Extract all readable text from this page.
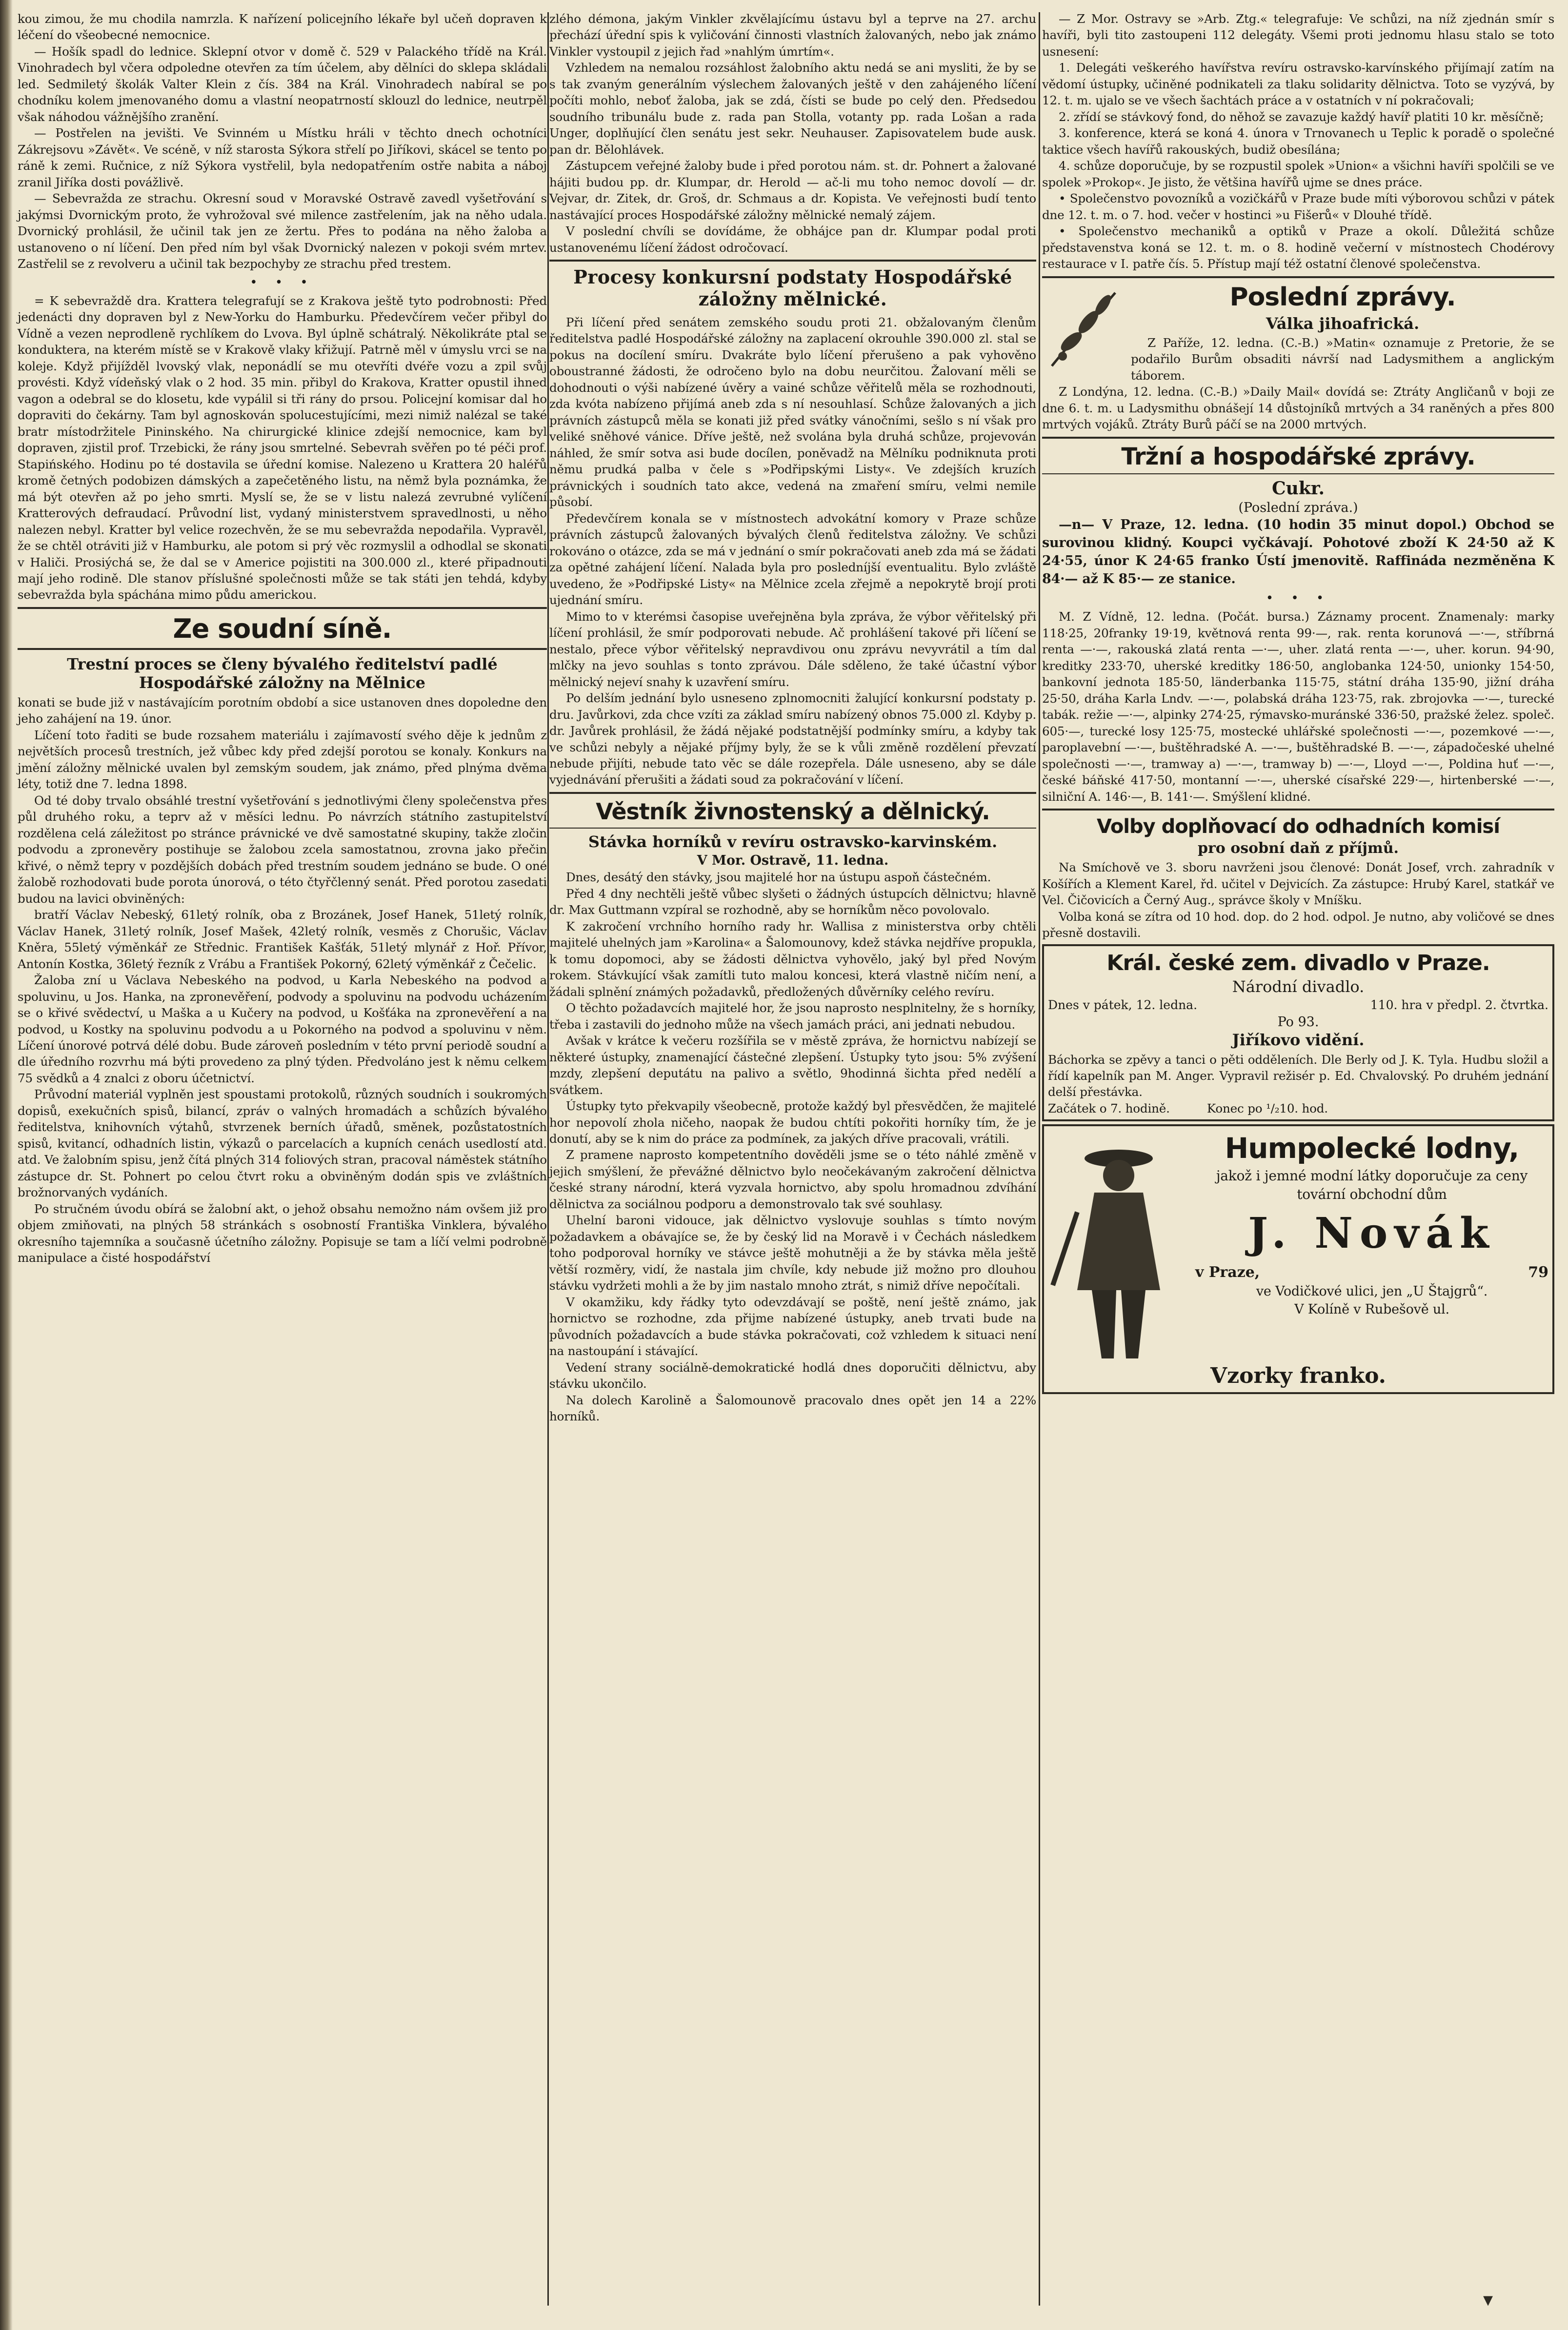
kou zimou, že mu chodila namrzla. K nařízení policejního lékaře byl učeň dopraven k léčení do všeobecné nemocnice.

— Hošík spadl do lednice. Sklepní otvor v domě č. 529 v Palackého třídě na Král. Vinohradech byl včera odpoledne otevřen za tím účelem, aby dělníci do sklepa skládali led. Sedmiletý školák Valter Klein z čís. 384 na Král. Vinohradech nabíral se po chodníku kolem jmenovaného domu a vlastní neopatrností sklouzl do lednice, neutrpěl však náhodou vážnějšího zranění.

— Postřelen na jevišti. Ve Svinném u Místku hráli v těchto dnech ochotníci Zákrejsovu »Závět«. Ve scéně, v níž starosta Sýkora střelí po Jiříkovi, skácel se tento po ráně k zemi. Ručnice, z níž Sýkora vystřelil, byla nedopatřením ostře nabita a náboj zranil Jiříka dosti povážlivě.

— Sebevražda ze strachu. Okresní soud v Moravské Ostravě zavedl vyšetřování s jakýmsi Dvornickým proto, že vyhrožoval své milence zastřelením, jak na něho udala. Dvornický prohlásil, že učinil tak jen ze žertu. Přes to podána na něho žaloba a ustanoveno o ní líčení. Den před ním byl však Dvornický nalezen v pokoji svém mrtev. Zastřelil se z revolveru a učinil tak bezpochyby ze strachu před trestem.

• • •

= K sebevraždě dra. Krattera telegrafují se z Krakova ještě tyto podrobnosti: Před jedenácti dny dopraven byl z New-Yorku do Hamburku. Předevčírem večer přibyl do Vídně a vezen neprodleně rychlíkem do Lvova. Byl úplně schátralý. Několikráte ptal se konduktera, na kterém místě se v Krakově vlaky křižují. Patrně měl v úmyslu vrci se na koleje. Když přijížděl lvovský vlak, neponádlí se mu otevříti dvéře vozu a zpil svůj provésti. Když vídeňský vlak o 2 hod. 35 min. přibyl do Krakova, Kratter opustil ihned vagon a odebral se do klosetu, kde vypálil si tři rány do prsou. Policejní komisar dal ho dopraviti do čekárny. Tam byl agnoskován spolucestujícími, mezi nimiž nalézal se také bratr místodržitele Pininského. Na chirurgické klinice zdejší nemocnice, kam byl dopraven, zjistil prof. Trzebicki, že rány jsou smrtelné. Sebevrah svěřen po té péči prof. Stapińského. Hodinu po té dostavila se úřední komise. Nalezeno u Krattera 20 haléřů kromě četných podobizen dámských a zapečetěného listu, na němž byla poznámka, že má být otevřen až po jeho smrti. Myslí se, že se v listu nalezá zevrubné vylíčení Kratterových defraudací. Průvodní list, vydaný ministerstvem spravedlnosti, u něho nalezen nebyl. Kratter byl velice rozechvěn, že se mu sebevražda nepodařila. Vypravěl, že se chtěl otráviti již v Hamburku, ale potom si prý věc rozmyslil a odhodlal se skonati v Haliči. Prosiýchá se, že dal se v Americe pojistiti na 300.000 zl., které připadnouti mají jeho rodině. Dle stanov příslušné společnosti může se tak státi jen tehdá, kdyby sebevražda byla spáchána mimo půdu americkou.

Ze soudní síně.
Trestní proces se členy bývalého ředitelství padlé Hospodářské záložny na Mělnice

konati se bude již v nastávajícím porotním období a sice ustanoven dnes dopoledne den jeho zahájení na 19. únor.

Líčení toto řaditi se bude rozsahem materiálu i zajímavostí svého děje k jednům z největších procesů trestních, jež vůbec kdy před zdejší porotou se konaly. Konkurs na jmění záložny mělnické uvalen byl zemským soudem, jak známo, před plnýma dvěma léty, totiž dne 7. ledna 1898.

Od té doby trvalo obsáhlé trestní vyšetřování s jednotlivými členy společenstva přes půl druhého roku, a teprv až v měsíci lednu. Po návrzích státního zastupitelství rozdělena celá záležitost po stránce právnické ve dvě samostatné skupiny, takže zločin podvodu a zpronevěry postihuje se žalobou zcela samostatnou, zrovna jako přečin křivé, o němž tepry v pozdějších dobách před trestním soudem jednáno se bude. O oné žalobě rozhodovati bude porota únorová, o této čtyřčlenný senát. Před porotou zasedati budou na lavici obviněných:

bratří Václav Nebeský, 61letý rolník, oba z Brozánek, Josef Hanek, 51letý rolník, Václav Hanek, 31letý rolník, Josef Mašek, 42letý rolník, vesměs z Chorušic, Václav Kněra, 55letý výměnkář ze Střednic. František Kašťák, 51letý mlynář z Hoř. Přívor, Antonín Kostka, 36letý řezník z Vrábu a František Pokorný, 62letý výměnkář z Čečelic.

Žaloba zní u Václava Nebeského na podvod, u Karla Nebeského na podvod a spoluvinu, u Jos. Hanka, na zpronevěření, podvody a spoluvinu na podvodu ucházením se o křivé svědectví, u Maška a u Kučery na podvod, u Košťáka na zpronevěření a na podvod, u Kostky na spoluvinu podvodu a u Pokorného na podvod a spoluvinu v něm. Líčení únorové potrvá délé dobu. Bude zároveň posledním v této první periodě soudní a dle úředního rozvrhu má býti provedeno za plný týden. Předvoláno jest k němu celkem 75 svědků a 4 znalci z oboru účetnictví.

Průvodní materiál vyplněn jest spoustami protokolů, různých soudních i soukromých dopisů, exekučních spisů, bilancí, zpráv o valných hromadách a schůzích bývalého ředitelstva, knihovních výtahů, stvrzenek berních úřadů, směnek, pozůstatostních spisů, kvitancí, odhadních listin, výkazů o parcelacích a kupních cenách usedlostí atd. atd. Ve žalobním spisu, jenž čítá plných 314 foliových stran, pracoval náměstek státního zástupce dr. St. Pohnert po celou čtvrt roku a obviněným dodán spis ve zvláštních brožnorvaných vydáních.

Po stručném úvodu obírá se žalobní akt, o jehož obsahu nemožno nám ovšem již pro objem zmiňovati, na plných 58 stránkách s osobností Františka Vinklera, bývalého okresního tajemníka a současně účetního záložny. Popisuje se tam a líčí velmi podrobně manipulace a čisté hospodářství

zlého démona, jakým Vinkler zkvělajícímu ústavu byl a teprve na 27. archu přechází úřední spis k vyličování činnosti vlastních žalovaných, nebo jak známo Vinkler vystoupil z jejich řad »nahlým úmrtím«.

Vzhledem na nemalou rozsáhlost žalobního aktu nedá se ani mysliti, že by se s tak zvaným generálním výslechem žalovaných ještě v den zahájeného líčení počíti mohlo, neboť žaloba, jak se zdá, čísti se bude po celý den. Předsedou soudního tribunálu bude z. rada pan Stolla, votanty pp. rada Lošan a rada Unger, doplňující člen senátu jest sekr. Neuhauser. Zapisovatelem bude ausk. pan dr. Bělohlávek.

Zástupcem veřejné žaloby bude i před porotou nám. st. dr. Pohnert a žalované hájiti budou pp. dr. Klumpar, dr. Herold — ač-li mu toho nemoc dovolí — dr. Vejvar, dr. Zitek, dr. Groš, dr. Schmaus a dr. Kopista. Ve veřejnosti budí tento nastávající proces Hospodářské záložny mělnické nemalý zájem.

V poslední chvíli se dovídáme, že obhájce pan dr. Klumpar podal proti ustanovenému líčení žádost odročovací.

Procesy konkursní podstaty Hospodářské záložny mělnické.

Při líčení před senátem zemského soudu proti 21. obžalovaným členům ředitelstva padlé Hospodářské záložny na zaplacení okrouhle 390.000 zl. stal se pokus na docílení smíru. Dvakráte bylo líčení přerušeno a pak vyhověno oboustranné žádosti, že odročeno bylo na dobu neurčitou. Žalovaní měli se dohodnouti o výši nabízené úvěry a vainé schůze věřitelů měla se rozhodnouti, zda kvóta nabízeno přijímá aneb zda s ní nesouhlasí. Schůze žalovaných a jich právních zástupců měla se konati již před svátky vánočními, sešlo s ní však pro veliké sněhové vánice. Dříve ještě, než svolána byla druhá schůze, projevován náhled, že smír sotva asi bude docílen, poněvadž na Mělníku podniknuta proti němu prudká palba v čele s »Podřipskými Listy«. Ve zdejších kruzích právnických i soudních tato akce, vedená na zmaření smíru, velmi nemile působí.

Předevčírem konala se v místnostech advokátní komory v Praze schůze právních zástupců žalovaných bývalých členů ředitelstva záložny. Ve schůzi rokováno o otázce, zda se má v jednání o smír pokračovati aneb zda má se žádati za opětné zahájení líčení. Nalada byla pro posledníjší eventualitu. Bylo zvláště uvedeno, že »Podřipské Listy« na Mělnice zcela zřejmě a nepokrytě brojí proti ujednání smíru.

Mimo to v kterémsi časopise uveřejněna byla zpráva, že výbor věřitelský při líčení prohlásil, že smír podporovati nebude. Ač prohlášení takové při líčení se nestalo, přece výbor věřitelský nepravdivou onu zprávu nevyvrátil a tím dal mlčky na jevo souhlas s tonto zprávou. Dále sděleno, že také účastní výbor mělnický nejeví snahy k uzavření smíru.

Po delším jednání bylo usneseno zplnomocniti žalující konkursní podstaty p. dru. Javůrkovi, zda chce vzíti za základ smíru nabízený obnos 75.000 zl. Kdyby p. dr. Javůrek prohlásil, že žádá nějaké podstatnější podmínky smíru, a kdyby tak ve schůzi nebyly a nějaké příjmy byly, že se k vůli změně rozdělení převzatí nebude přijíti, nebude tato věc se dále rozepřela. Dále usneseno, aby se dále vyjednávání přerušiti a žádati soud za pokračování v líčení.

Věstník živnostenský a dělnický.
Stávka horníků v revíru ostravsko-karvinském.
V Mor. Ostravě, 11. ledna.

Dnes, desátý den stávky, jsou majitelé hor na ústupu aspoň částečném.

Před 4 dny nechtěli ještě vůbec slyšeti o žádných ústupcích dělnictvu; hlavně dr. Max Guttmann vzpíral se rozhodně, aby se horníkům něco povolovalo.

K zakročení vrchního horního rady hr. Wallisa z ministerstva orby chtěli majitelé uhelných jam »Karolina« a Šalomounovy, kdež stávka nejdříve propukla, k tomu dopomoci, aby se žádosti dělnictva vyhovělo, jaký byl před Novým rokem. Stávkující však zamítli tuto malou koncesi, která vlastně ničím není, a žádali splnění známých požadavků, předložených důvěrníky celého revíru.

O těchto požadavcích majitelé hor, že jsou naprosto nesplnitelny, že s horníky, třeba i zastavili do jednoho může na všech jamách práci, ani jednati nebudou.

Avšak v krátce k večeru rozšířila se v městě zpráva, že hornictvu nabízejí se některé ústupky, znamenající částečné zlepšení. Ústupky tyto jsou: 5% zvýšení mzdy, zlepšení deputátu na palivo a světlo, 9hodinná šichta před nedělí a svátkem.

Ústupky tyto překvapily všeobecně, protože každý byl přesvědčen, že majitelé hor nepovolí zhola ničeho, naopak že budou chtíti pokořiti horníky tím, že je donutí, aby se k nim do práce za podmínek, za jakých dříve pracovali, vrátili.

Z pramene naprosto kompetentního dověděli jsme se o této náhlé změně v jejich smýšlení, že převážné dělnictvo bylo neočekávaným zakročení dělnictva české strany národní, která vyzvala hornictvo, aby spolu hromadnou zdvíhání dělnictva za sociálnou podporu a demonstrovalo tak své souhlasy.

Uhelní baroni vidouce, jak dělnictvo vyslovuje souhlas s tímto novým požadavkem a obávajíce se, že by český lid na Moravě i v Čechách následkem toho podporoval horníky ve stávce ještě mohutněji a že by stávka měla ještě větší rozměry, vidí, že nastala jim chvíle, kdy nebude již možno pro dlouhou stávku vydržeti mohli a že by jim nastalo mnoho ztrát, s nimiž dříve nepočítali.

V okamžiku, kdy řádky tyto odevzdávají se poště, není ještě známo, jak hornictvo se rozhodne, zda přijme nabízené ústupky, aneb trvati bude na původních požadavcích a bude stávka pokračovati, což vzhledem k situaci není na nastoupání i stávající.

Vedení strany sociálně-demokratické hodlá dnes doporučiti dělnictvu, aby stávku ukončilo.

Na dolech Karolině a Šalomounově pracovalo dnes opět jen 14 a 22% horníků.

— Z Mor. Ostravy se »Arb. Ztg.« telegrafuje: Ve schůzi, na níž zjednán smír s havíři, byli tito zastoupeni 112 delegáty. Všemi proti jednomu hlasu stalo se toto usnesení:

1. Delegáti veškerého havířstva revíru ostravsko-karvínského přijímají zatím na vědomí ústupky, učiněné podnikateli za tlaku solidarity dělnictva. Toto se vyzývá, by 12. t. m. ujalo se ve všech šachtách práce a v ostatních v ní pokračovali;

2. zřídí se stávkový fond, do něhož se zavazuje každý havíř platiti 10 kr. měsíčně;

3. konference, která se koná 4. února v Trnovanech u Teplic k poradě o společné taktice všech havířů rakouských, budiž obesílána;

4. schůze doporučuje, by se rozpustil spolek »Union« a všichni havíři spolčili se ve spolek »Prokop«. Je jisto, že většina havířů ujme se dnes práce.

• Společenstvo povozníků a vozičkářů v Praze bude míti výborovou schůzi v pátek dne 12. t. m. o 7. hod. večer v hostinci »u Fišerů« v Dlouhé třídě.

• Společenstvo mechaniků a optiků v Praze a okolí. Důležitá schůze představenstva koná se 12. t. m. o 8. hodině večerní v místnostech Chodérovy restaurace v I. patře čís. 5. Přístup mají též ostatní členové společenstva.

Poslední zprávy.
Válka jihoafrická.

Z Paříže, 12. ledna. (C.-B.) »Matin« oznamuje z Pretorie, že se podařilo Burům obsaditi návrší nad Ladysmithem a anglickým táborem.

Z Londýna, 12. ledna. (C.-B.) »Daily Mail« dovídá se: Ztráty Angličanů v boji ze dne 6. t. m. u Ladysmithu obnášejí 14 důstojníků mrtvých a 34 raněných a přes 800 mrtvých vojáků. Ztráty Burů páčí se na 2000 mrtvých.

Tržní a hospodářské zprávy.
Cukr.
(Poslední zpráva.)

—n— V Praze, 12. ledna. (10 hodin 35 minut dopol.) Obchod se surovinou klidný. Koupci vyčkávají. Pohotové zboží K 24·50 až K 24·55, únor K 24·65 franko Ústí jmenovitě. Raffináda nezměněna K 84·— až K 85·— ze stanice.

• • •

M. Z Vídně, 12. ledna. (Počát. bursa.) Záznamy procent. Znamenaly: marky 118·25, 20franky 19·19, květnová renta 99·—, rak. renta korunová —·—, stříbrná renta —·—, rakouská zlatá renta —·—, uher. zlatá renta —·—, uher. korun. 94·90, kreditky 233·70, uherské kreditky 186·50, anglobanka 124·50, unionky 154·50, bankovní jednota 185·50, länderbanka 115·75, státní dráha 135·90, jižní dráha 25·50, dráha Karla Lndv. —·—, polabská dráha 123·75, rak. zbrojovka —·—, turecké tabák. režie —·—, alpinky 274·25, rýmavsko-muránské 336·50, pražské želez. společ. 605·—, turecké losy 125·75, mostecké uhlářské společnosti —·—, pozemkové —·—, paroplavební —·—, buštěhradské A. —·—, buštěhradské B. —·—, západočeské uhelné společnosti —·—, tramway a) —·—, tramway b) —·—, Lloyd —·—, Poldina huť —·—, české báňské 417·50, montanní —·—, uherské císařské 229·—, hirtenberské —·—, silniční A. 146·—, B. 141·—. Smýšlení klidné.

Volby doplňovací do odhadních komisí
pro osobní daň z příjmů.

Na Smíchově ve 3. sboru navrženi jsou členové: Donát Josef, vrch. zahradník v Košířích a Klement Karel, řd. učitel v Dejvicích. Za zástupce: Hrubý Karel, statkář ve Vel. Čičovicích a Černý Aug., správce školy v Mníšku.

Volba koná se zítra od 10 hod. dop. do 2 hod. odpol. Je nutno, aby voličové se dnes přesně dostavili.

Král. české zem. divadlo v Praze.
Národní divadlo.
Dnes v pátek, 12. ledna.	110. hra v předpl. 2. čtvrtka.
Po 93.
Jiříkovo vidění.

Báchorka se zpěvy a tanci o pěti odděleních. Dle Berly od J. K. Tyla. Hudbu složil a řídí kapelník pan M. Anger. Vypravil režisér p. Ed. Chvalovský. Po druhém jednání delší přestávka.

Začátek o 7. hodině.          Konec po ¹/₂10. hod.

Humpolecké lodny,

jakož i jemné modní látky doporučuje za ceny tovární obchodní dům

J. Novák
v Praze,	79

ve Vodičkové ulici, jen „U Štajgrů“.

V Kolíně v Rubešově ul.

Vzorky franko.
▾
